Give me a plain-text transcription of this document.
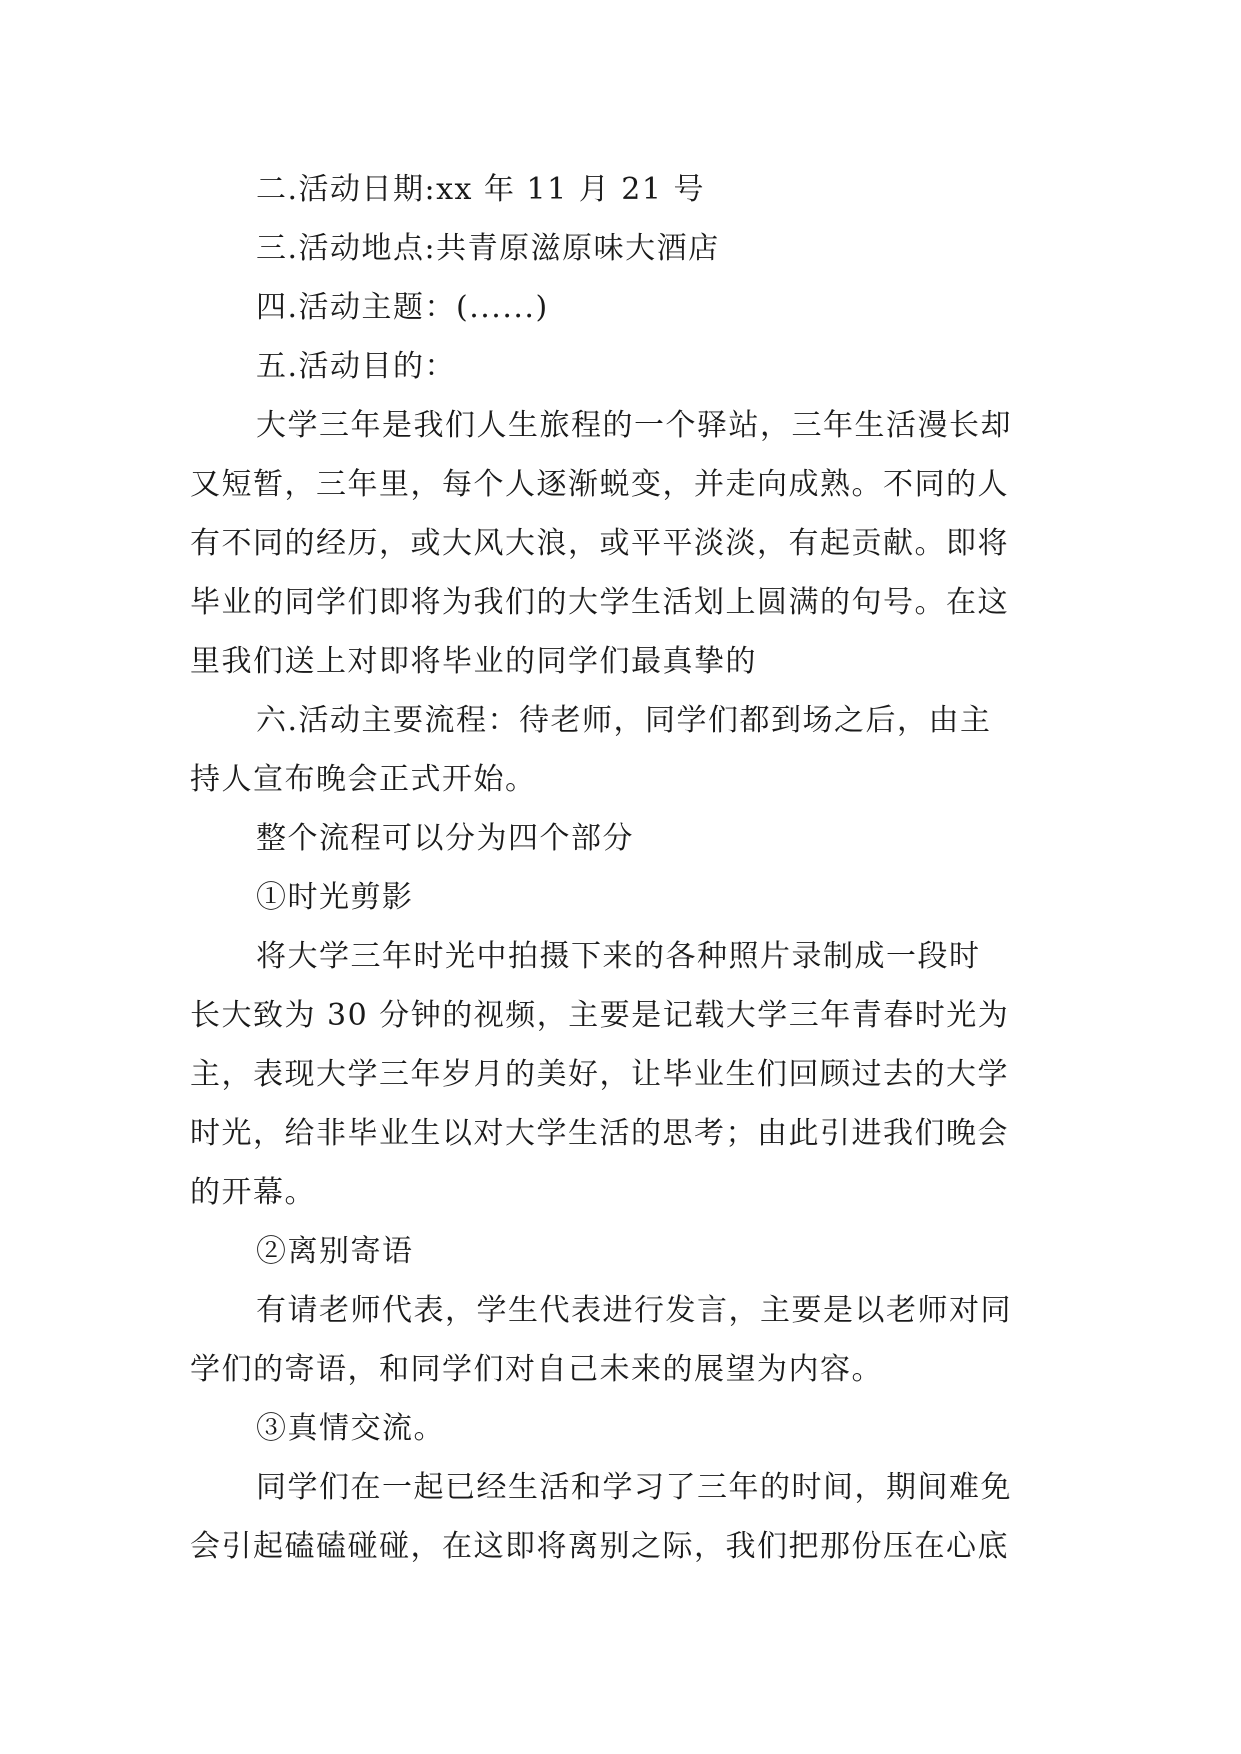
二.活动日期:xx 年 11 月 21 号

三.活动地点:共青原滋原味大酒店

四.活动主题：(......)

五.活动目的：

大学三年是我们人生旅程的一个驿站，三年生活漫长却
又短暂，三年里，每个人逐渐蜕变，并走向成熟。不同的人
有不同的经历，或大风大浪，或平平淡淡，有起贡献。即将
毕业的同学们即将为我们的大学生活划上圆满的句号。在这
里我们送上对即将毕业的同学们最真挚的

六.活动主要流程：待老师，同学们都到场之后，由主
持人宣布晚会正式开始。

整个流程可以分为四个部分

①时光剪影

将大学三年时光中拍摄下来的各种照片录制成一段时
长大致为 30 分钟的视频，主要是记载大学三年青春时光为
主，表现大学三年岁月的美好，让毕业生们回顾过去的大学
时光，给非毕业生以对大学生活的思考；由此引进我们晚会
的开幕。

②离别寄语

有请老师代表，学生代表进行发言，主要是以老师对同
学们的寄语，和同学们对自己未来的展望为内容。

③真情交流。

同学们在一起已经生活和学习了三年的时间，期间难免
会引起磕磕碰碰，在这即将离别之际，我们把那份压在心底
